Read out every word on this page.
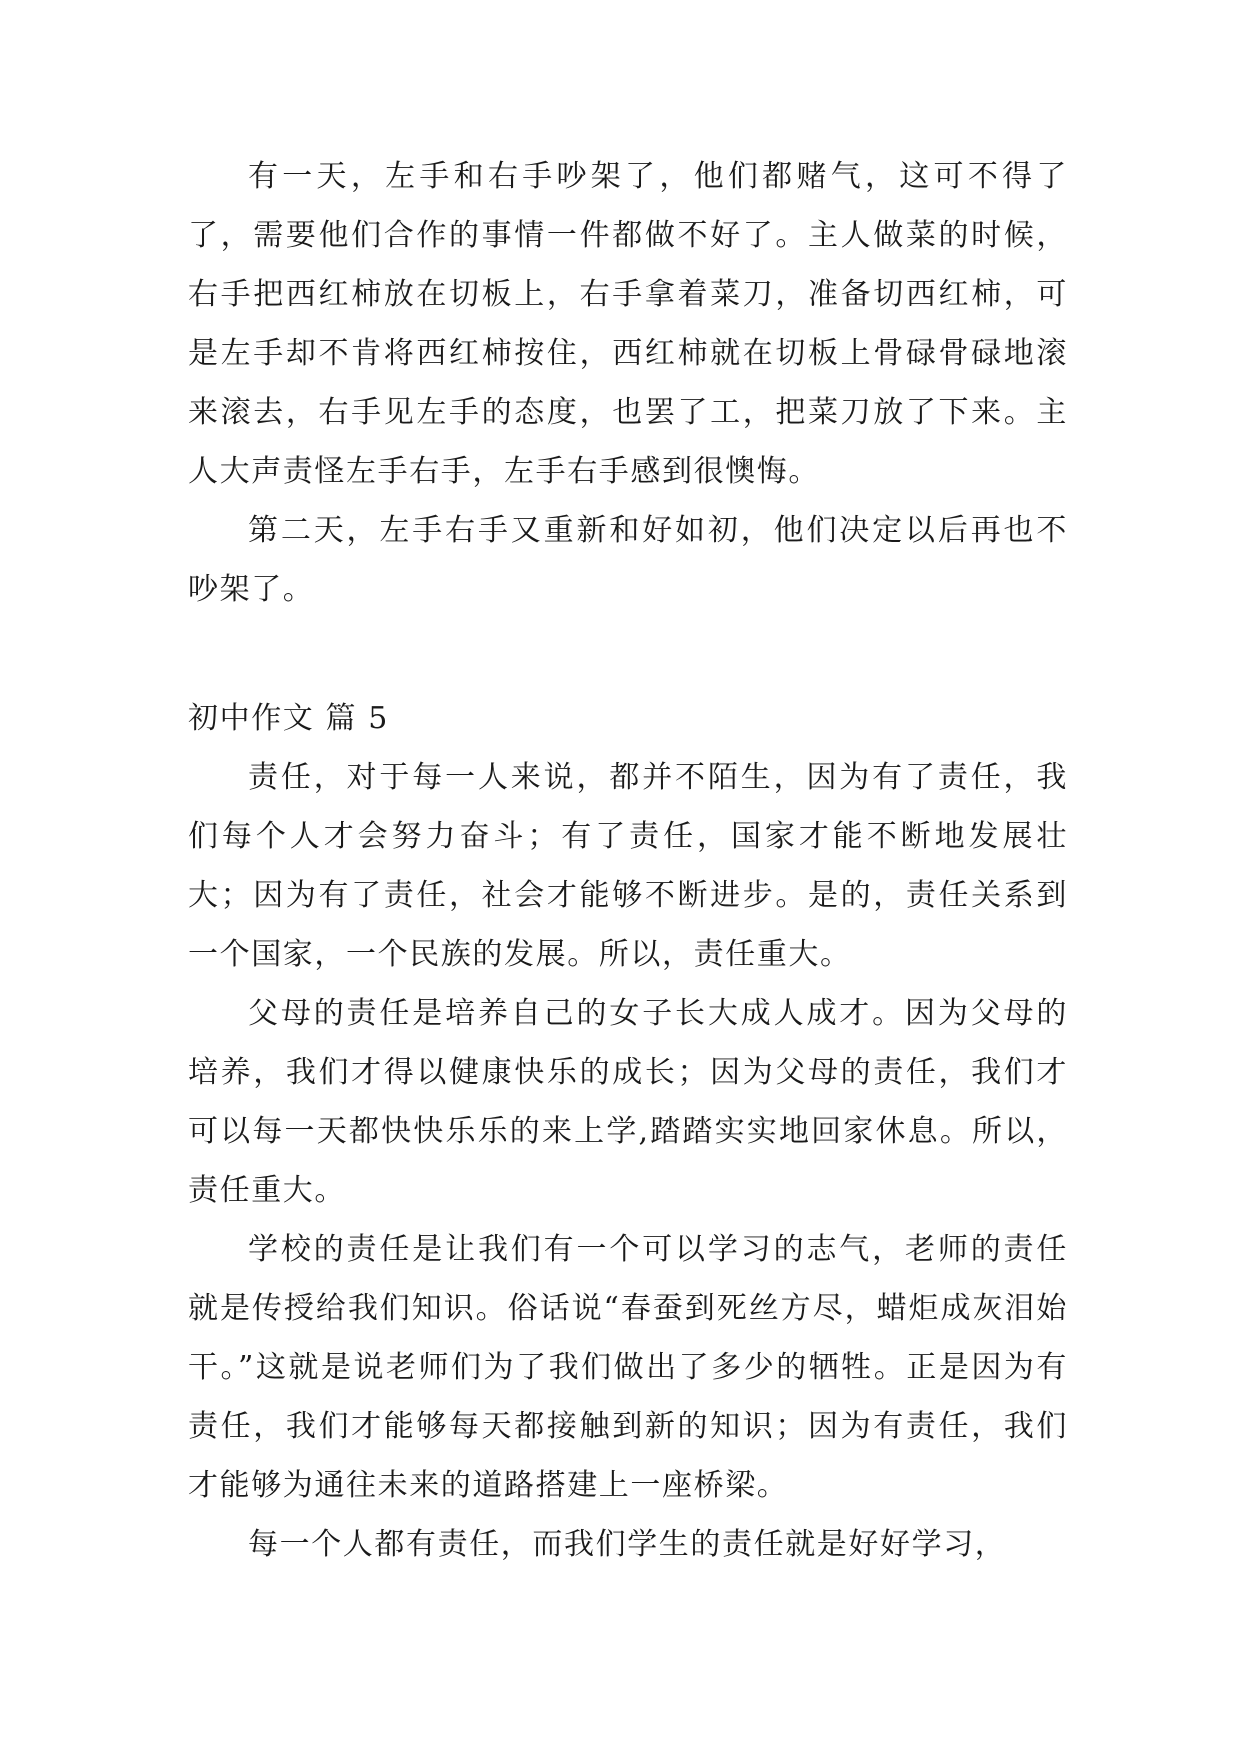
有一天，左手和右手吵架了，他们都赌气，这可不得了了，需要他们合作的事情一件都做不好了。主人做菜的时候，右手把西红柿放在切板上，右手拿着菜刀，准备切西红柿，可是左手却不肯将西红柿按住，西红柿就在切板上骨碌骨碌地滚来滚去，右手见左手的态度，也罢了工，把菜刀放了下来。主人大声责怪左手右手，左手右手感到很懊悔。

第二天，左手右手又重新和好如初，他们决定以后再也不吵架了。

初中作文 篇 5

责任，对于每一人来说，都并不陌生，因为有了责任，我们每个人才会努力奋斗；有了责任，国家才能不断地发展壮大；因为有了责任，社会才能够不断进步。是的，责任关系到一个国家，一个民族的发展。所以，责任重大。

父母的责任是培养自己的女子长大成人成才。因为父母的培养，我们才得以健康快乐的成长；因为父母的责任，我们才可以每一天都快快乐乐的来上学,踏踏实实地回家休息。所以，责任重大。

学校的责任是让我们有一个可以学习的志气，老师的责任就是传授给我们知识。俗话说“春蚕到死丝方尽，蜡炬成灰泪始干。”这就是说老师们为了我们做出了多少的牺牲。正是因为有责任，我们才能够每天都接触到新的知识；因为有责任，我们才能够为通往未来的道路搭建上一座桥梁。

每一个人都有责任，而我们学生的责任就是好好学习，
